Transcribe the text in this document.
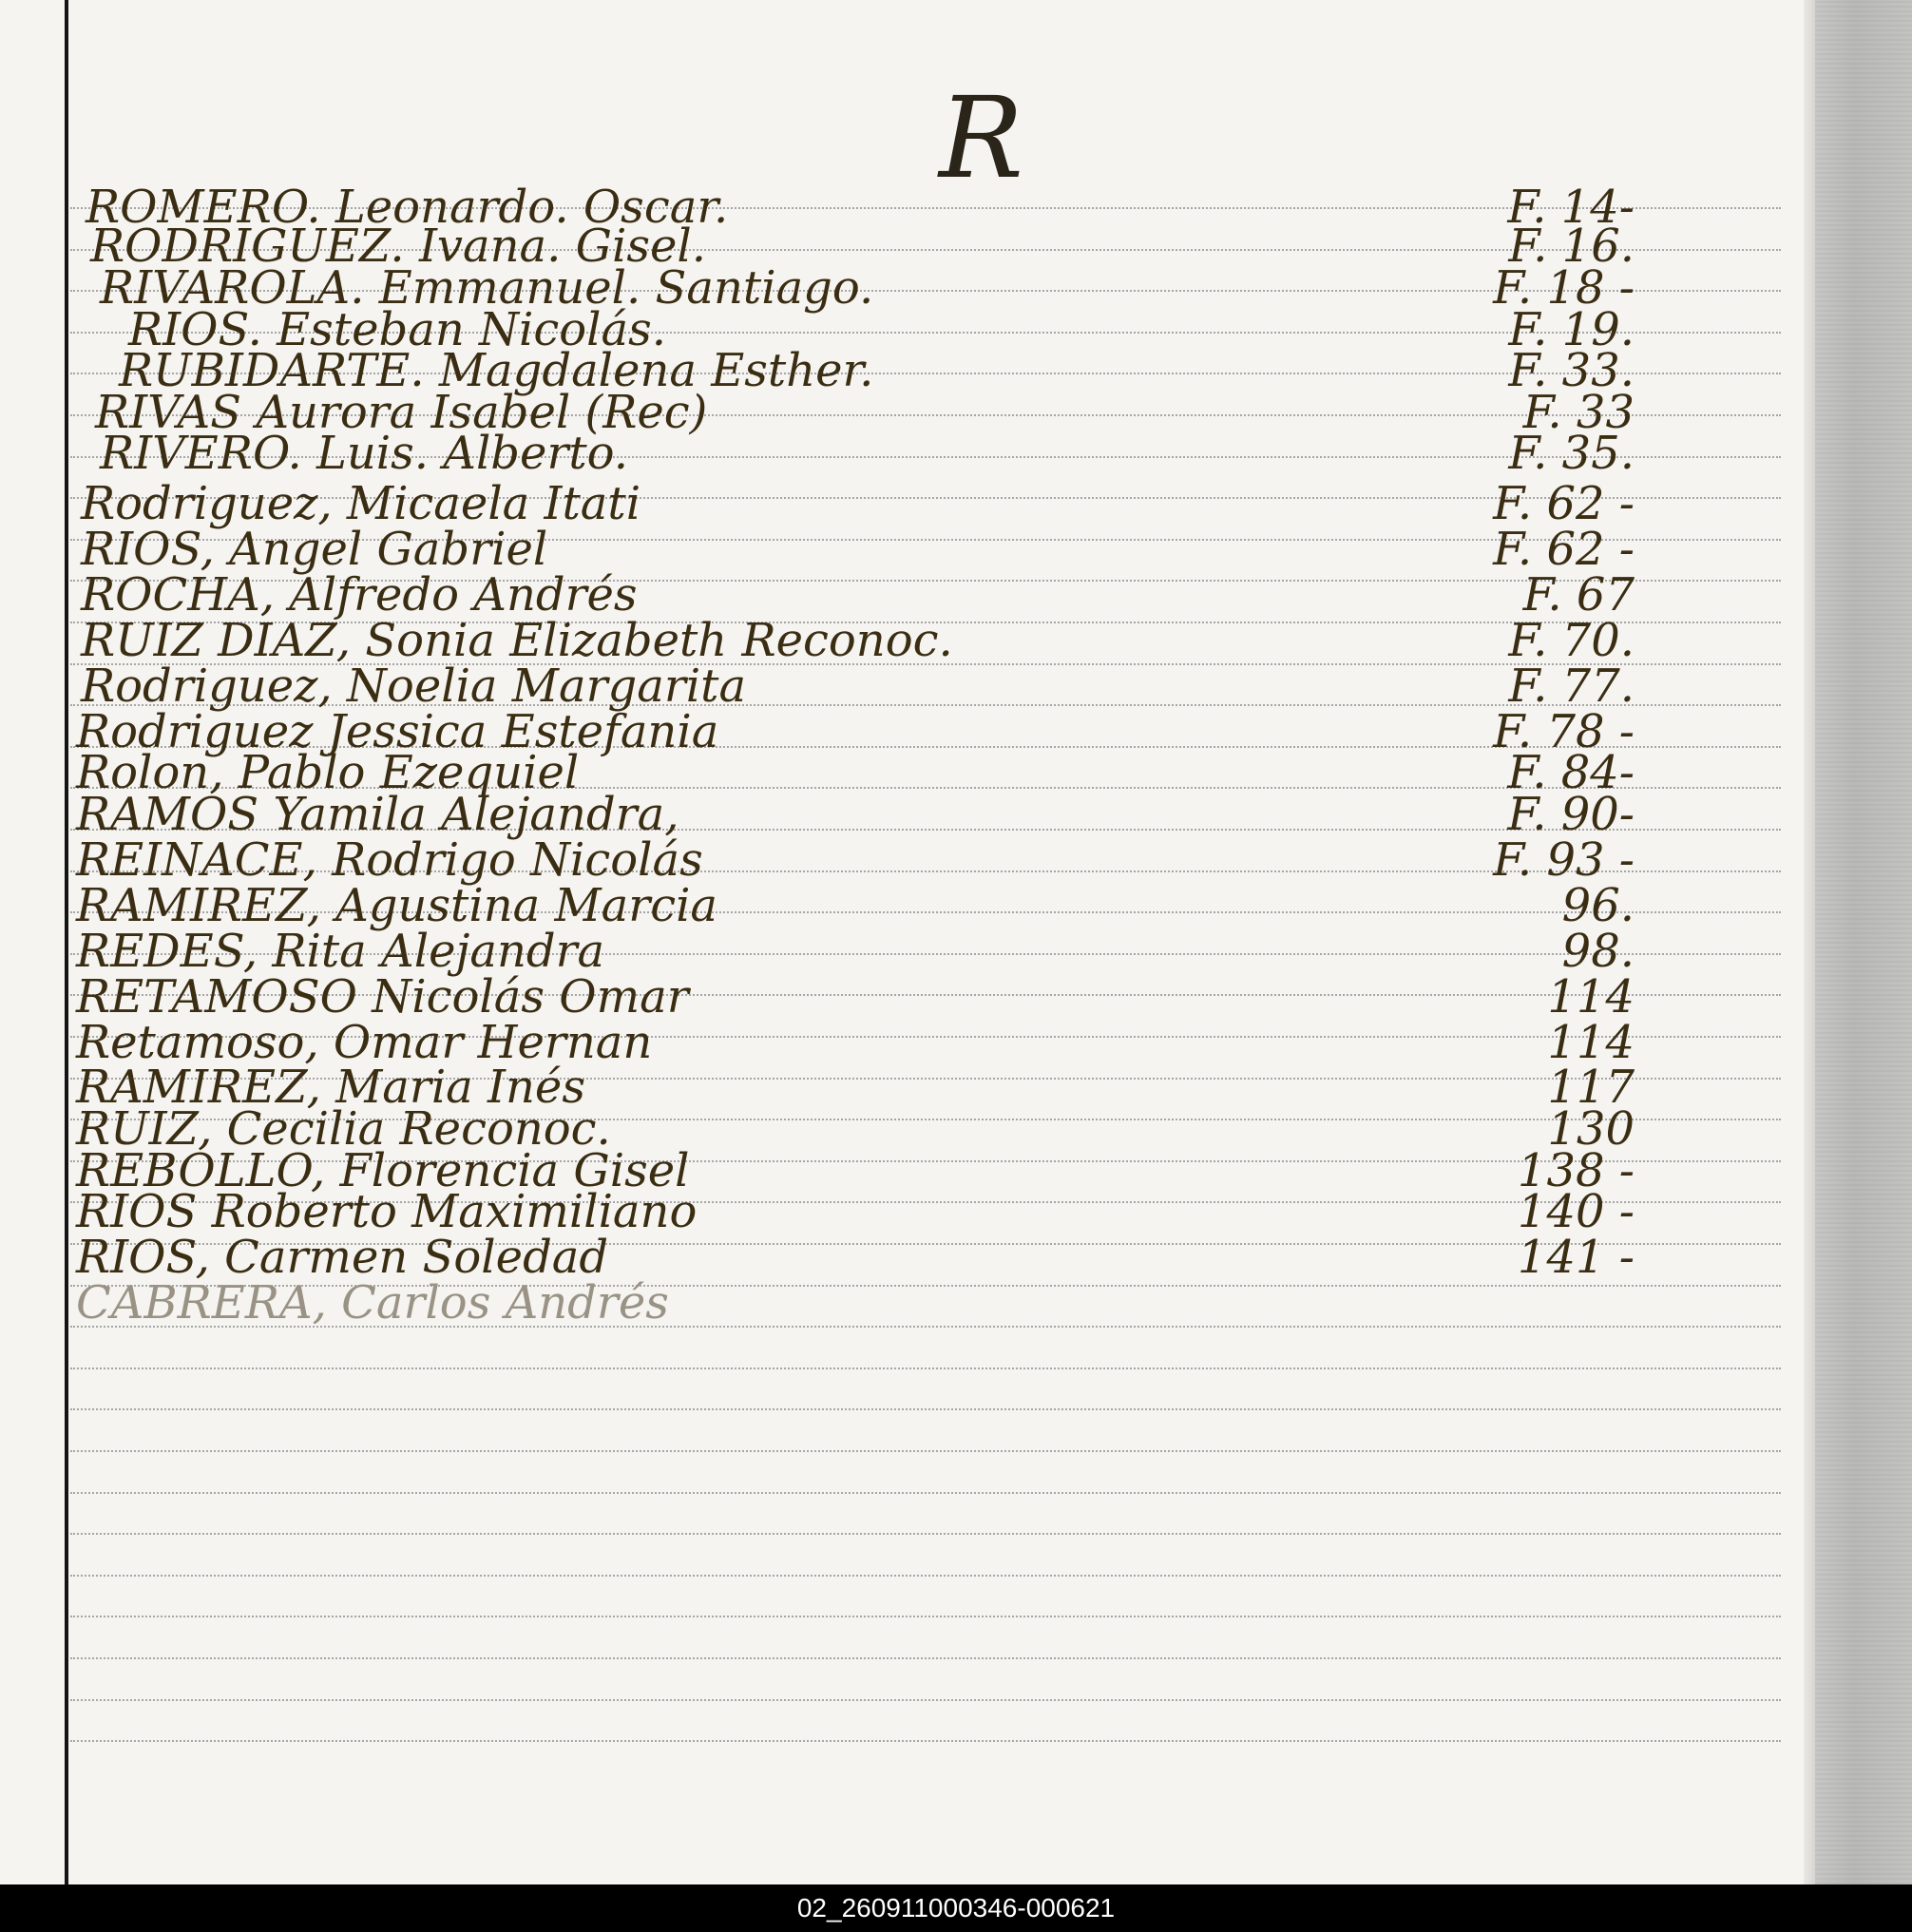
R
ROMERO. Leonardo. Oscar.	F. 14-
RODRIGUEZ. Ivana. Gisel.	F. 16.
RIVAROLA. Emmanuel. Santiago.	F. 18 -
RIOS. Esteban Nicolás.	F. 19.
RUBIDARTE. Magdalena Esther.	F. 33.
RIVAS Aurora Isabel (Rec)	F. 33
RIVERO. Luis. Alberto.	F. 35.
Rodriguez, Micaela Itati	F. 62 -
RIOS, Angel Gabriel	F. 62 -
ROCHA, Alfredo Andrés	F. 67
RUIZ DIAZ, Sonia Elizabeth Reconoc.	F. 70.
Rodriguez, Noelia Margarita	F. 77.
Rodriguez Jessica Estefania	F. 78 -
Rolon, Pablo Ezequiel	F. 84-
RAMOS Yamila Alejandra,	F. 90-
REINACE, Rodrigo Nicolás	F. 93 -
RAMIREZ, Agustina Marcia	96.
REDES, Rita Alejandra	98.
RETAMOSO Nicolás Omar	114
Retamoso, Omar Hernan	114
RAMIREZ, Maria Inés	117
RUIZ, Cecilia Reconoc.	130
REBOLLO, Florencia Gisel	138 -
RIOS Roberto Maximiliano	140 -
RIOS, Carmen Soledad	141 -
CABRERA, Carlos Andrés
02_260911000346-000621
